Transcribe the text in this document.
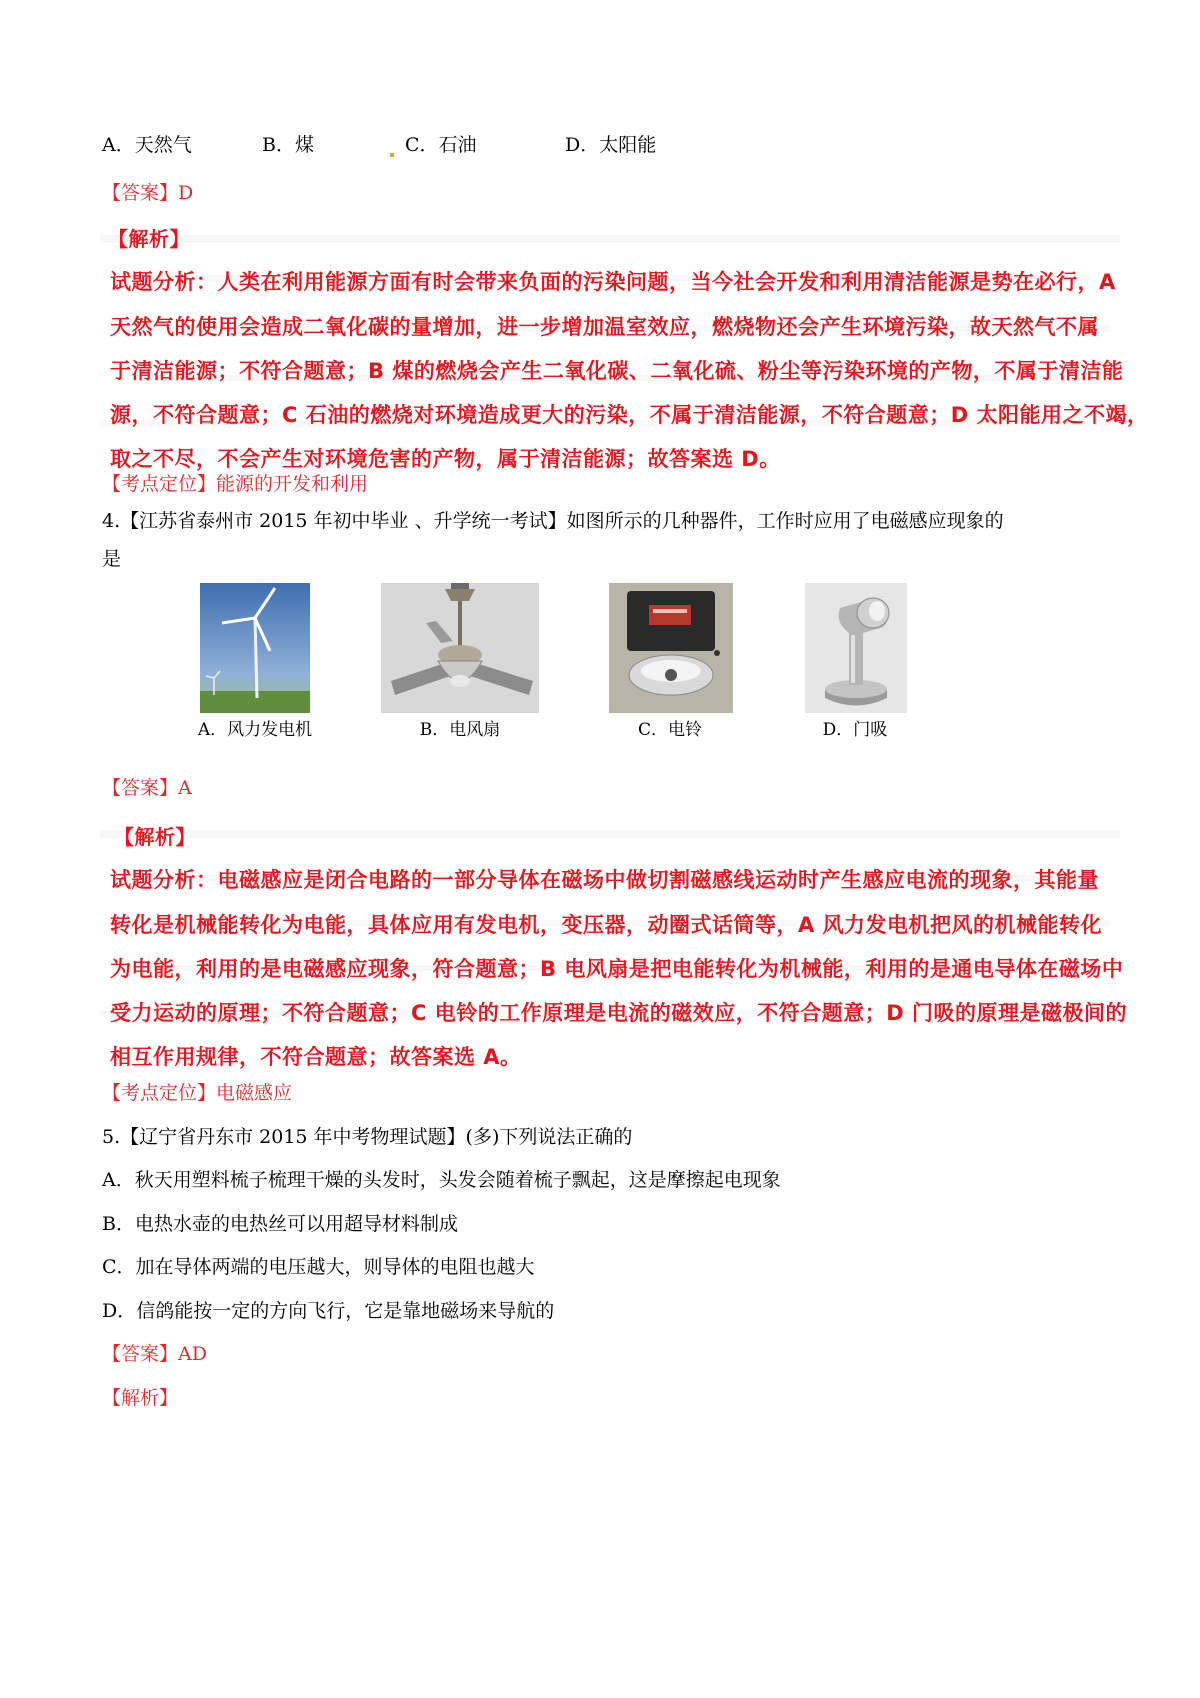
A．天然气	B．煤	C．石油	D．太阳能
【答案】D
【解析】
试题分析：人类在利用能源方面有时会带来负面的污染问题，当今社会开发和利用清洁能源是势在必行，A
天然气的使用会造成二氧化碳的量增加，进一步增加温室效应，燃烧物还会产生环境污染，故天然气不属
于清洁能源；不符合题意；B 煤的燃烧会产生二氧化碳、二氧化硫、粉尘等污染环境的产物，不属于清洁能
源，不符合题意；C 石油的燃烧对环境造成更大的污染，不属于清洁能源，不符合题意；D 太阳能用之不竭，
取之不尽，不会产生对环境危害的产物，属于清洁能源；故答案选 D。
【考点定位】能源的开发和利用
4.【江苏省泰州市 2015 年初中毕业 、升学统一考试】如图所示的几种器件，工作时应用了电磁感应现象的
是
A．风力发电机	B．电风扇	C．电铃	D．门吸
【答案】A
【解析】
试题分析：电磁感应是闭合电路的一部分导体在磁场中做切割磁感线运动时产生感应电流的现象，其能量
转化是机械能转化为电能，具体应用有发电机，变压器，动圈式话筒等，A 风力发电机把风的机械能转化
为电能，利用的是电磁感应现象，符合题意；B 电风扇是把电能转化为机械能，利用的是通电导体在磁场中
受力运动的原理；不符合题意；C 电铃的工作原理是电流的磁效应，不符合题意；D 门吸的原理是磁极间的
相互作用规律，不符合题意；故答案选 A。
【考点定位】电磁感应
5.【辽宁省丹东市 2015 年中考物理试题】(多)下列说法正确的
A．秋天用塑料梳子梳理干燥的头发时，头发会随着梳子飘起，这是摩擦起电现象
B．电热水壶的电热丝可以用超导材料制成
C．加在导体两端的电压越大，则导体的电阻也越大
D．信鸽能按一定的方向飞行，它是靠地磁场来导航的
【答案】AD
【解析】
